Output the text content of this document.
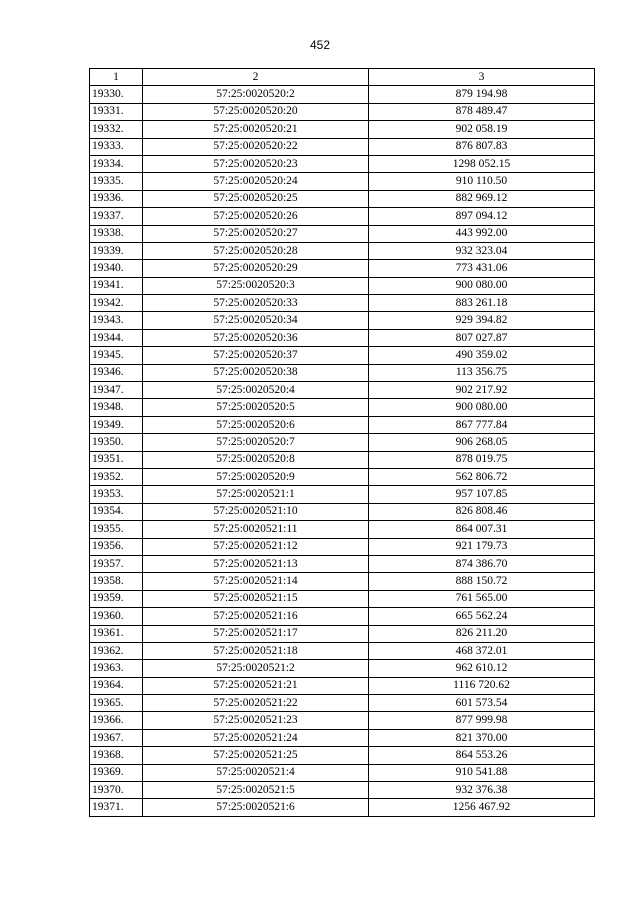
452
1	2	3
19330.	57:25:0020520:2	879 194.98
19331.	57:25:0020520:20	878 489.47
19332.	57:25:0020520:21	902 058.19
19333.	57:25:0020520:22	876 807.83
19334.	57:25:0020520:23	1298 052.15
19335.	57:25:0020520:24	910 110.50
19336.	57:25:0020520:25	882 969.12
19337.	57:25:0020520:26	897 094.12
19338.	57:25:0020520:27	443 992.00
19339.	57:25:0020520:28	932 323.04
19340.	57:25:0020520:29	773 431.06
19341.	57:25:0020520:3	900 080.00
19342.	57:25:0020520:33	883 261.18
19343.	57:25:0020520:34	929 394.82
19344.	57:25:0020520:36	807 027.87
19345.	57:25:0020520:37	490 359.02
19346.	57:25:0020520:38	113 356.75
19347.	57:25:0020520:4	902 217.92
19348.	57:25:0020520:5	900 080.00
19349.	57:25:0020520:6	867 777.84
19350.	57:25:0020520:7	906 268.05
19351.	57:25:0020520:8	878 019.75
19352.	57:25:0020520:9	562 806.72
19353.	57:25:0020521:1	957 107.85
19354.	57:25:0020521:10	826 808.46
19355.	57:25:0020521:11	864 007.31
19356.	57:25:0020521:12	921 179.73
19357.	57:25:0020521:13	874 386.70
19358.	57:25:0020521:14	888 150.72
19359.	57:25:0020521:15	761 565.00
19360.	57:25:0020521:16	665 562.24
19361.	57:25:0020521:17	826 211.20
19362.	57:25:0020521:18	468 372.01
19363.	57:25:0020521:2	962 610.12
19364.	57:25:0020521:21	1116 720.62
19365.	57:25:0020521:22	601 573.54
19366.	57:25:0020521:23	877 999.98
19367.	57:25:0020521:24	821 370.00
19368.	57:25:0020521:25	864 553.26
19369.	57:25:0020521:4	910 541.88
19370.	57:25:0020521:5	932 376.38
19371.	57:25:0020521:6	1256 467.92
